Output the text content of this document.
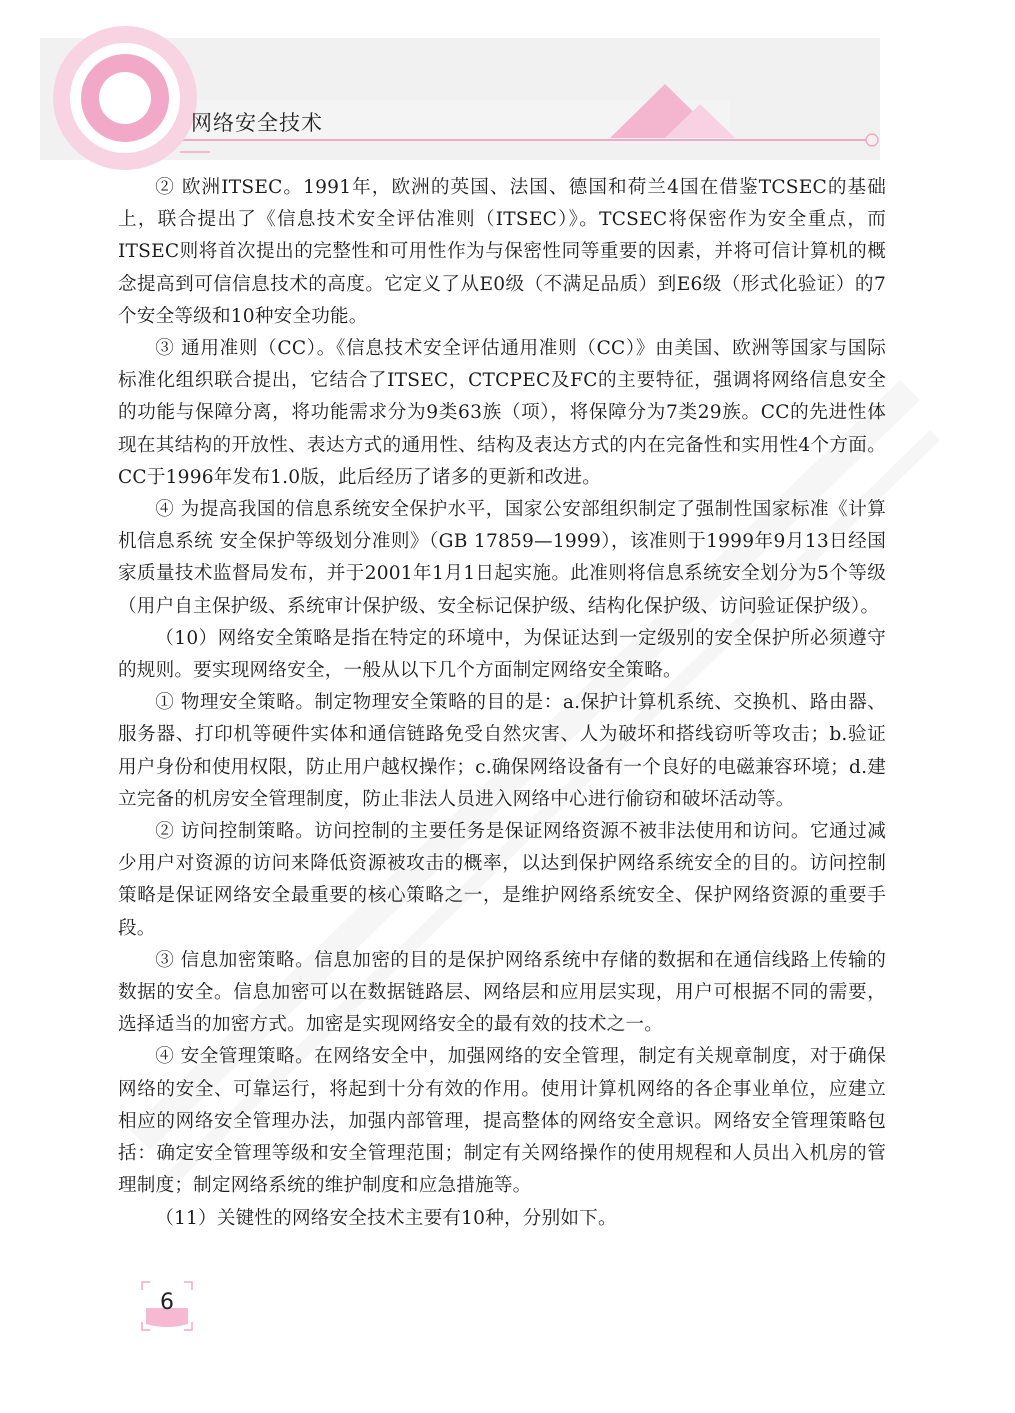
网络安全技术

② 欧洲ITSEC。1991年，欧洲的英国、法国、德国和荷兰4国在借鉴TCSEC的基础上，联合提出了《信息技术安全评估准则（ITSEC）》。TCSEC将保密作为安全重点，而ITSEC则将首次提出的完整性和可用性作为与保密性同等重要的因素，并将可信计算机的概念提高到可信信息技术的高度。它定义了从E0级（不满足品质）到E6级（形式化验证）的7个安全等级和10种安全功能。

③ 通用准则（CC）。《信息技术安全评估通用准则（CC）》由美国、欧洲等国家与国际标准化组织联合提出，它结合了ITSEC，CTCPEC及FC的主要特征，强调将网络信息安全的功能与保障分离，将功能需求分为9类63族（项），将保障分为7类29族。CC的先进性体现在其结构的开放性、表达方式的通用性、结构及表达方式的内在完备性和实用性4个方面。CC于1996年发布1.0版，此后经历了诸多的更新和改进。

④ 为提高我国的信息系统安全保护水平，国家公安部组织制定了强制性国家标准《计算机信息系统 安全保护等级划分准则》（GB 17859—1999），该准则于1999年9月13日经国家质量技术监督局发布，并于2001年1月1日起实施。此准则将信息系统安全划分为5个等级（用户自主保护级、系统审计保护级、安全标记保护级、结构化保护级、访问验证保护级）。

（10）网络安全策略是指在特定的环境中，为保证达到一定级别的安全保护所必须遵守的规则。要实现网络安全，一般从以下几个方面制定网络安全策略。

① 物理安全策略。制定物理安全策略的目的是：a.保护计算机系统、交换机、路由器、服务器、打印机等硬件实体和通信链路免受自然灾害、人为破坏和搭线窃听等攻击；b.验证用户身份和使用权限，防止用户越权操作；c.确保网络设备有一个良好的电磁兼容环境；d.建立完备的机房安全管理制度，防止非法人员进入网络中心进行偷窃和破坏活动等。

② 访问控制策略。访问控制的主要任务是保证网络资源不被非法使用和访问。它通过减少用户对资源的访问来降低资源被攻击的概率，以达到保护网络系统安全的目的。访问控制策略是保证网络安全最重要的核心策略之一，是维护网络系统安全、保护网络资源的重要手段。

③ 信息加密策略。信息加密的目的是保护网络系统中存储的数据和在通信线路上传输的数据的安全。信息加密可以在数据链路层、网络层和应用层实现，用户可根据不同的需要，选择适当的加密方式。加密是实现网络安全的最有效的技术之一。

④ 安全管理策略。在网络安全中，加强网络的安全管理，制定有关规章制度，对于确保网络的安全、可靠运行，将起到十分有效的作用。使用计算机网络的各企事业单位，应建立相应的网络安全管理办法，加强内部管理，提高整体的网络安全意识。网络安全管理策略包括：确定安全管理等级和安全管理范围；制定有关网络操作的使用规程和人员出入机房的管理制度；制定网络系统的维护制度和应急措施等。

（11）关键性的网络安全技术主要有10种，分别如下。

6
